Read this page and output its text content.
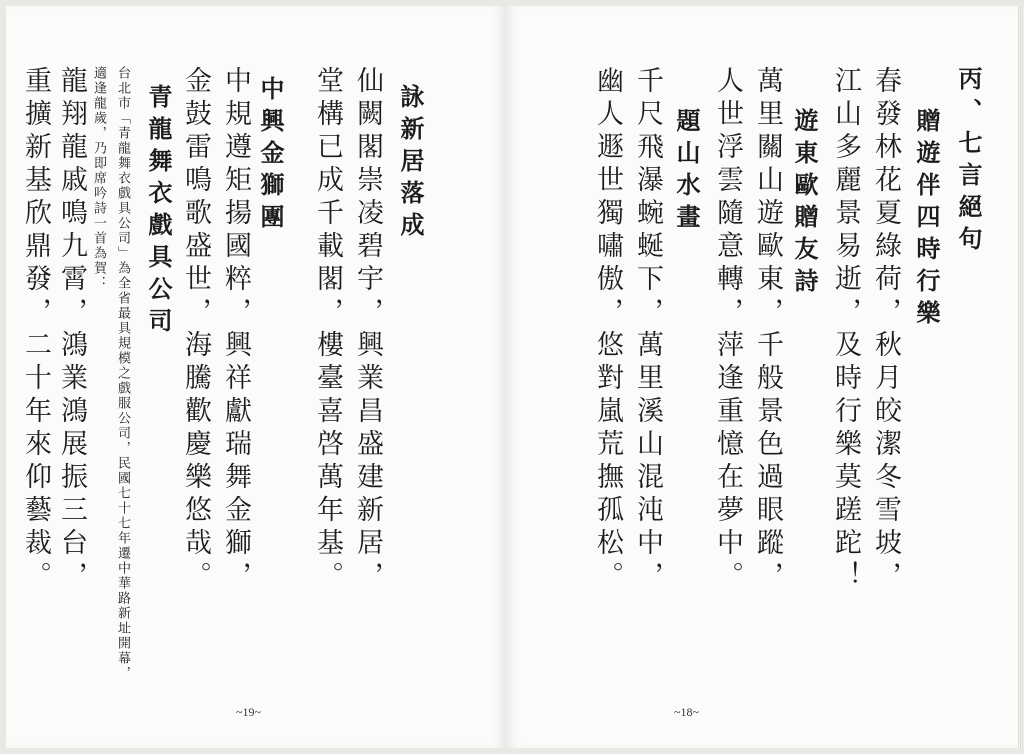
詠新居落成
仙闕閣崇凌碧宇，興業昌盛建新居，
堂構已成千載閣，樓臺喜啓萬年基。
中興金獅團
中規遵矩揚國粹，興祥獻瑞舞金獅，
金鼓雷鳴歌盛世，海騰歡慶樂悠哉。
青龍舞衣戲具公司
台北市「青龍舞衣戲具公司」為全省最具規模之戲服公司，民國七十七年遷中華路新址開幕，
適逢龍歲，乃即席吟詩一首為賀：
龍翔龍戚鳴九霄，鴻業鴻展振三台，
重擴新基欣鼎發，二十年來仰藝裁。
~19~
丙、七言絕句
贈遊伴四時行樂
春發林花夏綠荷，秋月皎潔冬雪坡，
江山多麗景易逝，及時行樂莫蹉跎！
遊東歐贈友詩
萬里關山遊歐東，千般景色過眼蹤，
人世浮雲隨意轉，萍逢重憶在夢中。
題山水畫
千尺飛瀑蜿蜒下，萬里溪山混沌中，
幽人遯世獨嘯傲，悠對嵐荒撫孤松。
~18~
